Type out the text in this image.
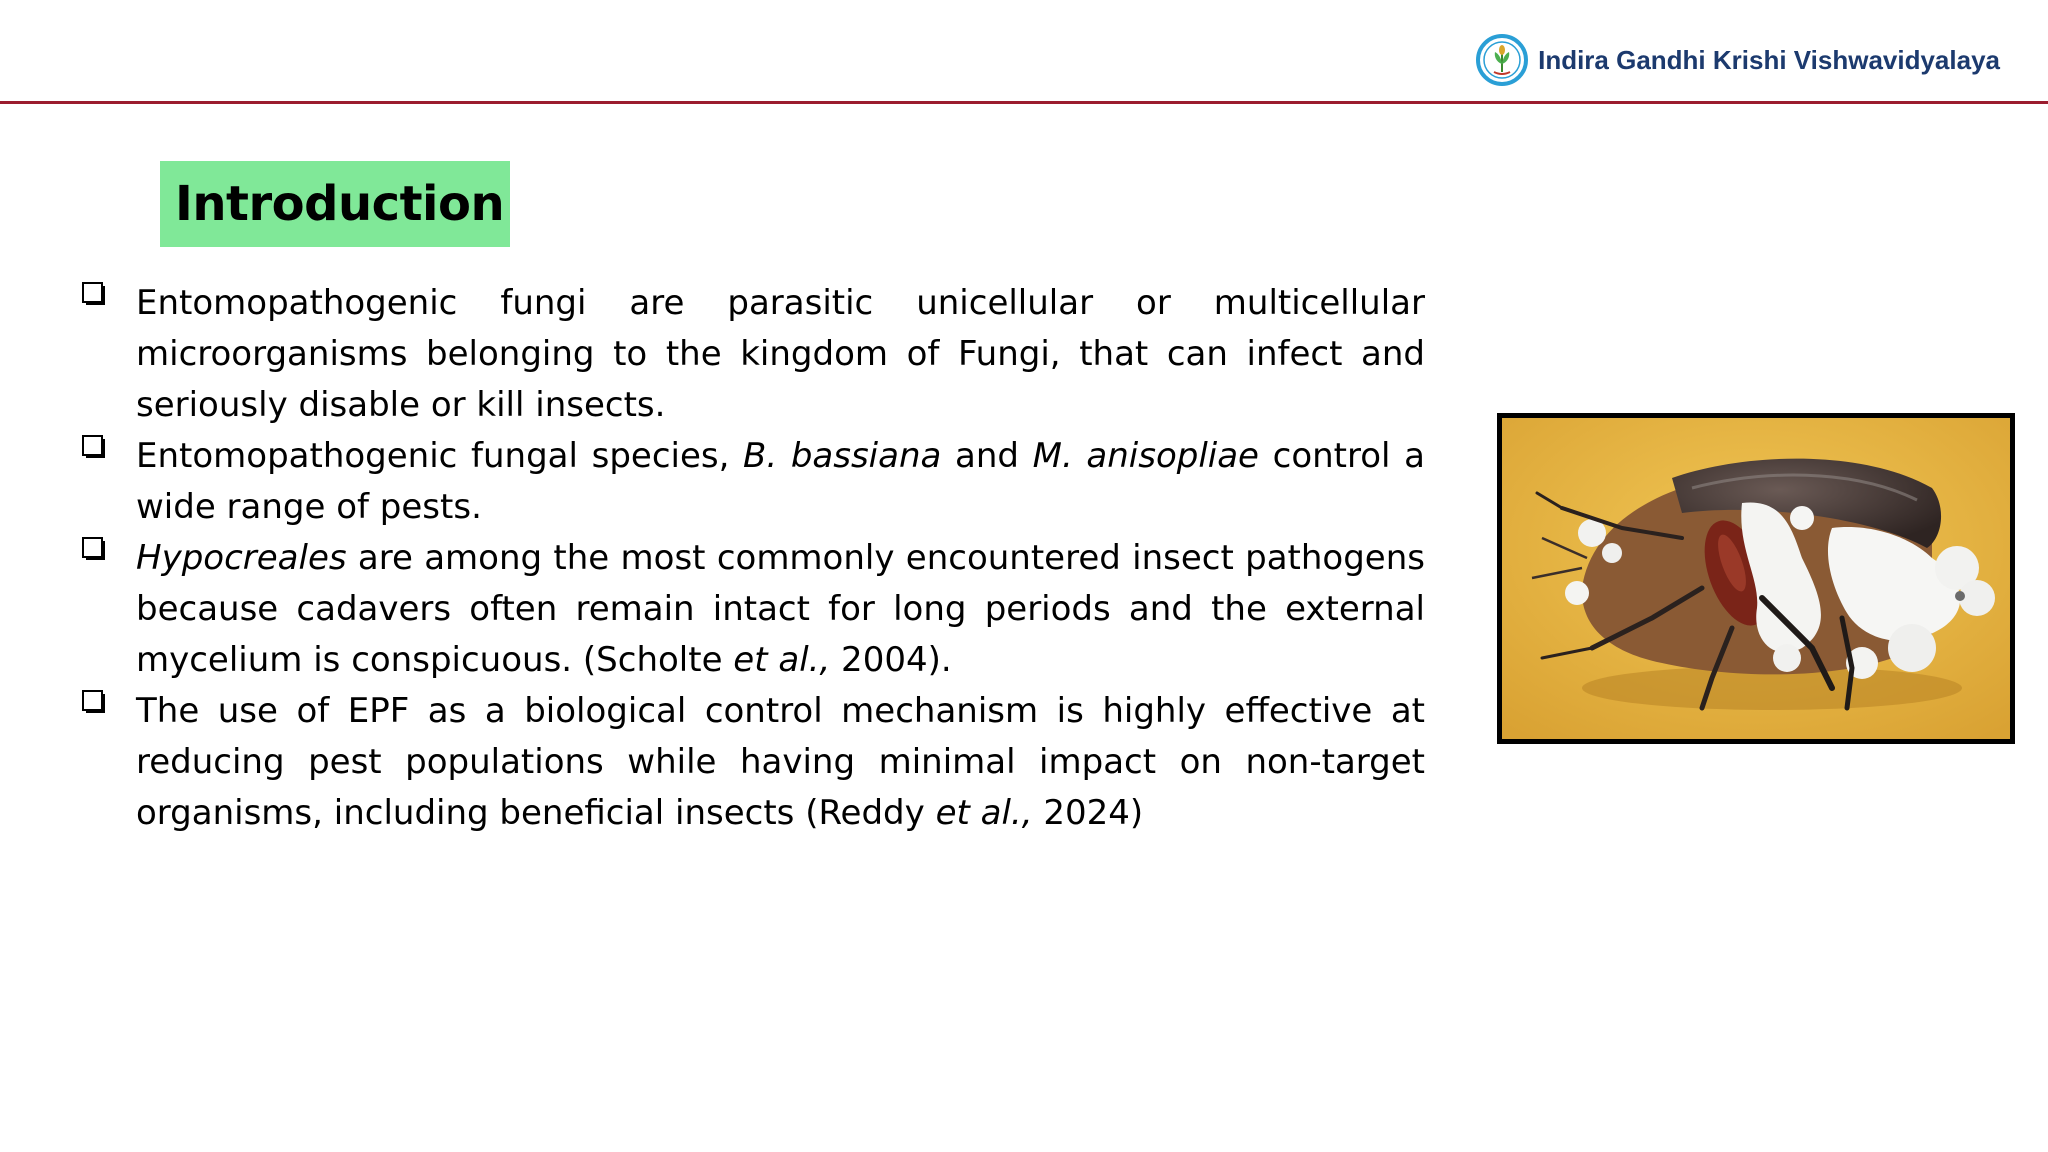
Indira Gandhi Krishi Vishwavidyalaya
Introduction
Entomopathogenic fungi are parasitic unicellular or multicellular microorganisms belonging to the kingdom of Fungi, that can infect and seriously disable or kill insects.
Entomopathogenic fungal species, B. bassiana and M. anisopliae control a wide range of pests.
Hypocreales are among the most commonly encountered insect pathogens because cadavers often remain intact for long periods and the external mycelium is conspicuous. (Scholte et al., 2004).
The use of EPF as a biological control mechanism is highly effective at reducing pest populations while having minimal impact on non-target organisms, including beneficial insects (Reddy et al., 2024)
